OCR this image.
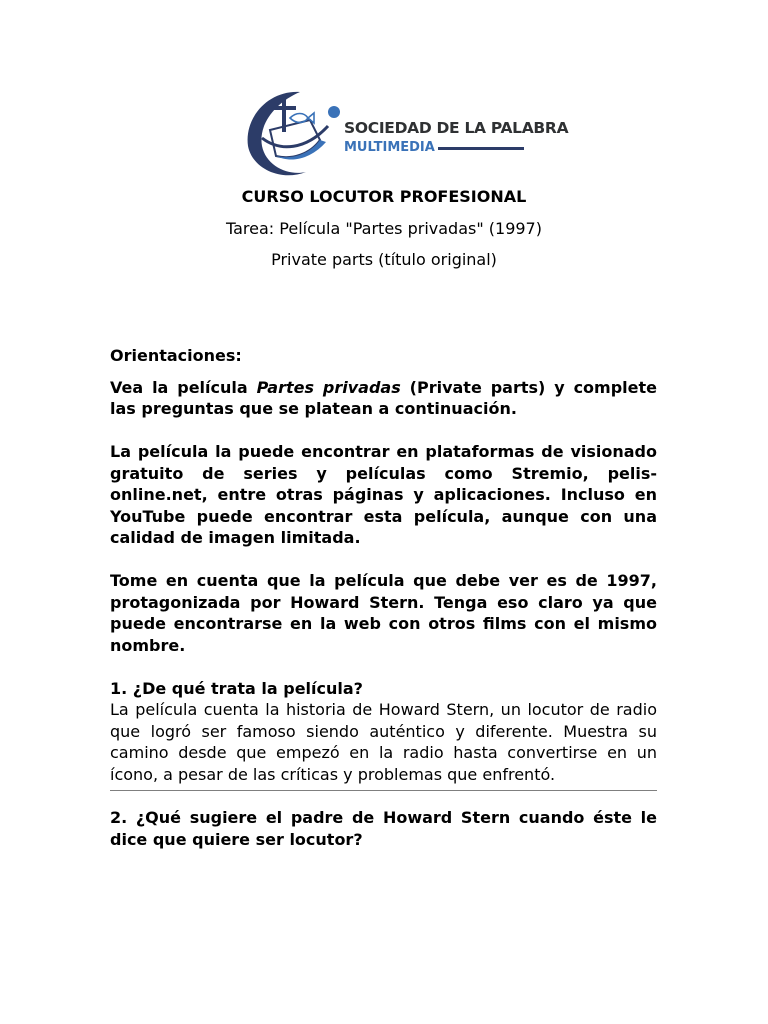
SOCIEDAD DE LA PALABRA
MULTIMEDIA
CURSO LOCUTOR PROFESIONAL
Tarea: Película "Partes privadas" (1997)
Private parts (título original)

Orientaciones:

Vea la película Partes privadas (Private parts) y complete las preguntas que se platean a continuación.

La película la puede encontrar en plataformas de visionado gratuito de series y películas como Stremio, pelis-online.net, entre otras páginas y aplicaciones. Incluso en YouTube puede encontrar esta película, aunque con una calidad de imagen limitada.

Tome en cuenta que la película que debe ver es de 1997, protagonizada por Howard Stern. Tenga eso claro ya que puede encontrarse en la web con otros films con el mismo nombre.

1. ¿De qué trata la película?

La película cuenta la historia de Howard Stern, un locutor de radio que logró ser famoso siendo auténtico y diferente. Muestra su camino desde que empezó en la radio hasta convertirse en un ícono, a pesar de las críticas y problemas que enfrentó.

2. ¿Qué sugiere el padre de Howard Stern cuando éste le dice que quiere ser locutor?
